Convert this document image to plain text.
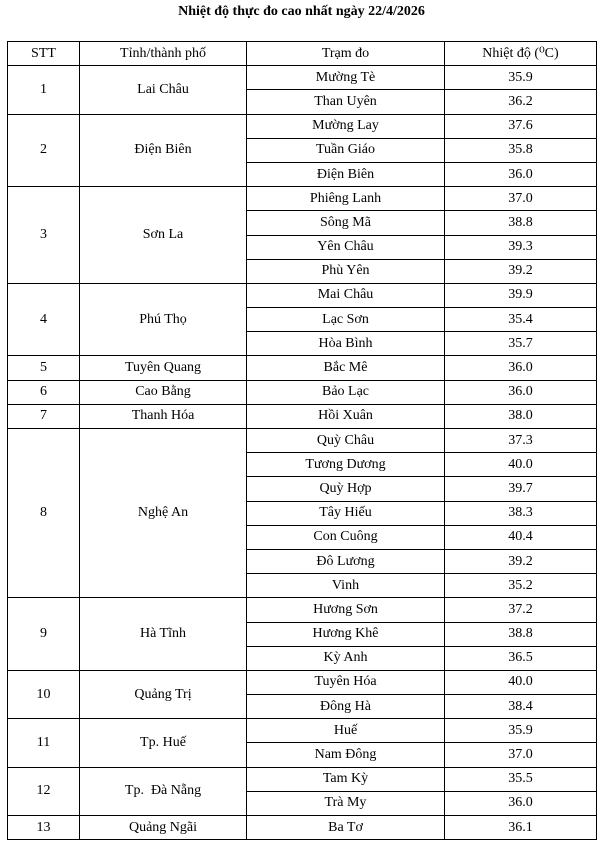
Nhiệt độ thực đo cao nhất ngày 22/4/2026
STT	Tỉnh/thành phố	Trạm đo	Nhiệt độ (⁰C)
1	Lai Châu	Mường Tè	35.9
		Than Uyên	36.2
2	Điện Biên	Mường Lay	37.6
		Tuần Giáo	35.8
		Điện Biên	36.0
3	Sơn La	Phiêng Lanh	37.0
		Sông Mã	38.8
		Yên Châu	39.3
		Phù Yên	39.2
4	Phú Thọ	Mai Châu	39.9
		Lạc Sơn	35.4
		Hòa Bình	35.7
5	Tuyên Quang	Bắc Mê	36.0
6	Cao Bằng	Bảo Lạc	36.0
7	Thanh Hóa	Hồi Xuân	38.0
8	Nghệ An	Quỳ Châu	37.3
		Tương Dương	40.0
		Quỳ Hợp	39.7
		Tây Hiếu	38.3
		Con Cuông	40.4
		Đô Lương	39.2
		Vinh	35.2
9	Hà Tĩnh	Hương Sơn	37.2
		Hương Khê	38.8
		Kỳ Anh	36.5
10	Quảng Trị	Tuyên Hóa	40.0
		Đông Hà	38.4
11	Tp. Huế	Huế	35.9
		Nam Đông	37.0
12	Tp.  Đà Nẵng	Tam Kỳ	35.5
		Trà My	36.0
13	Quảng Ngãi	Ba Tơ	36.1
